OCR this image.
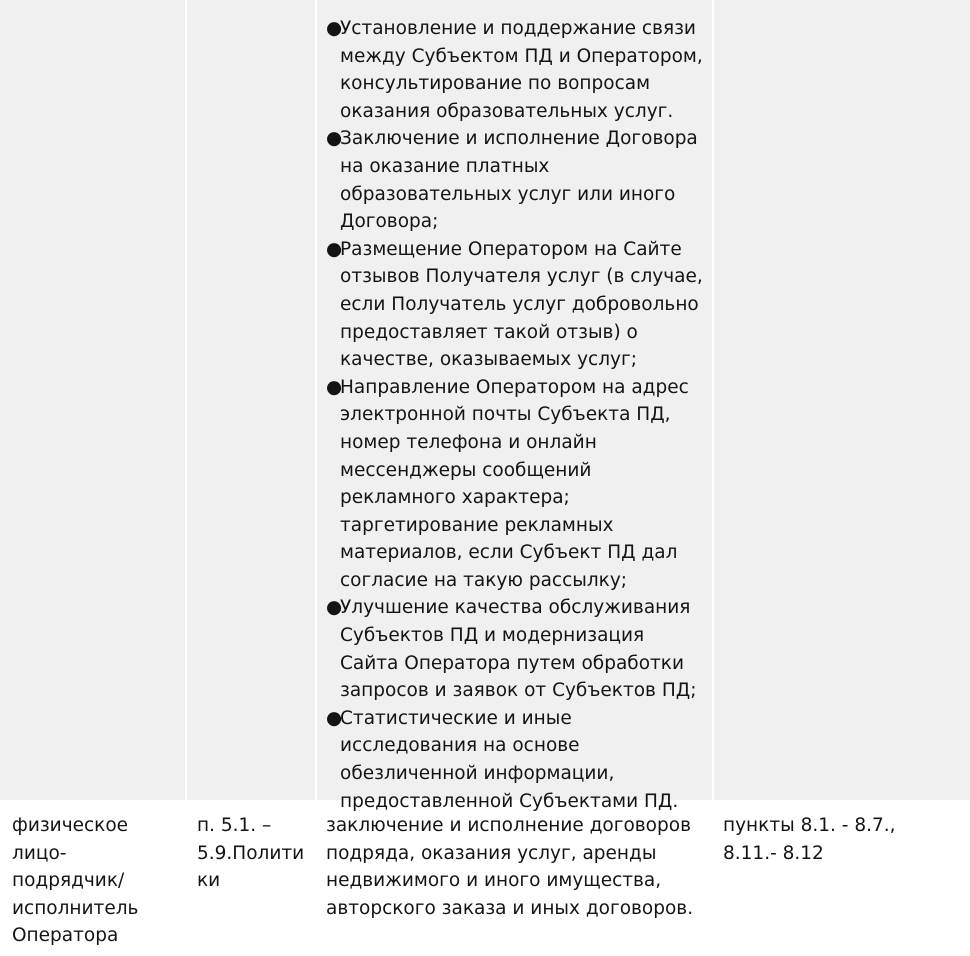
●
Установление и поддержание связи между Субъектом ПД и Оператором, консультирование по вопросам оказания образовательных услуг.
●
Заключение и исполнение Договора на оказание платных образовательных услуг или иного Договора;
●
Размещение Оператором на Сайте отзывов Получателя услуг (в случае, если Получатель услуг добровольно предоставляет такой отзыв) о качестве, оказываемых услуг;
●
Направление Оператором на адрес электронной почты Субъекта ПД, номер телефона и онлайн мессенджеры сообщений рекламного характера; таргетирование рекламных материалов, если Субъект ПД дал согласие на такую рассылку;
●
Улучшение качества обслуживания Субъектов ПД и модернизация Сайта Оператора путем обработки запросов и заявок от Субъектов ПД;
●
Статистические и иные исследования на основе обезличенной информации, предоставленной Субъектами ПД.
физическое
лицо-
подрядчик/
исполнитель
Оператора
п. 5.1. –
5.9.Полити
ки
заключение и исполнение договоров подряда, оказания услуг, аренды недвижимого и иного имущества, авторского заказа и иных договоров.
пункты 8.1. - 8.7., 8.11.- 8.12
